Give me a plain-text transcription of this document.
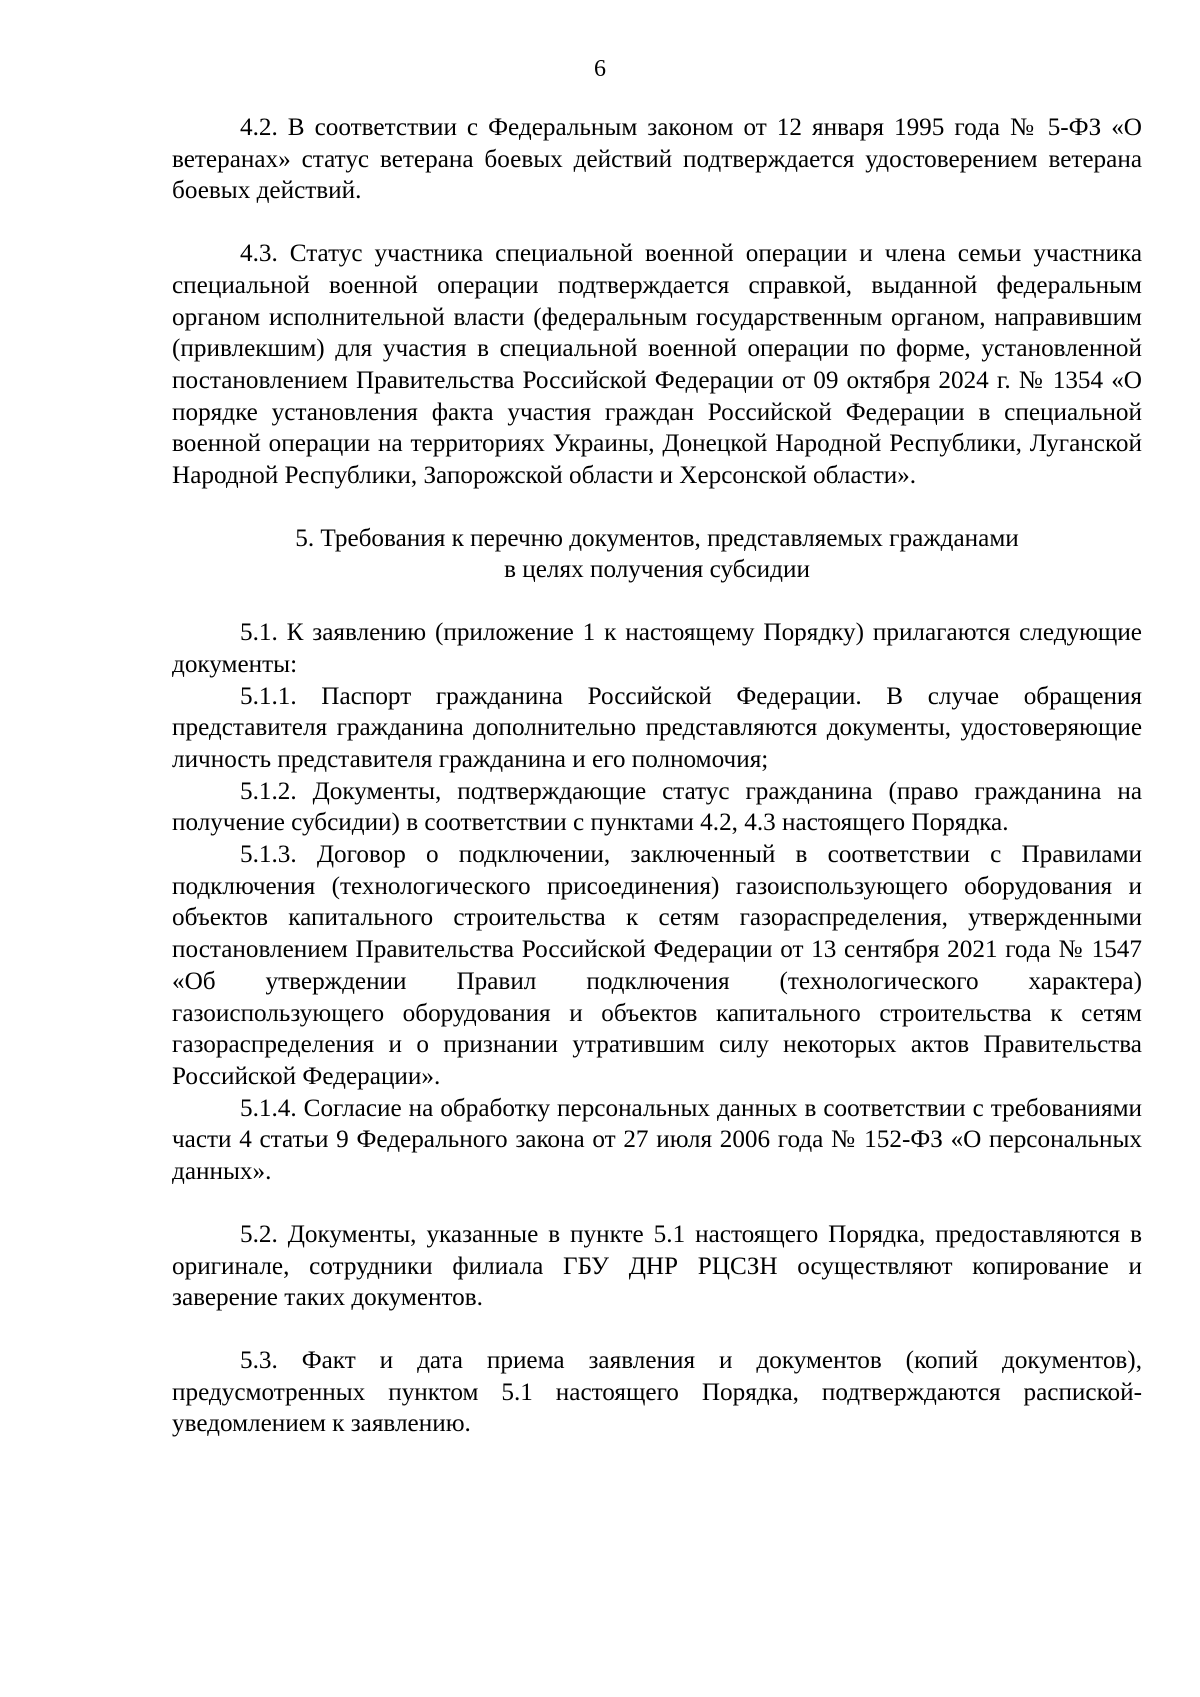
6

4.2. В соответствии с Федеральным законом от 12 января 1995 года № 5-ФЗ «О ветеранах» статус ветерана боевых действий подтверждается удостоверением ветерана боевых действий.

4.3. Статус участника специальной военной операции и члена семьи участника специальной военной операции подтверждается справкой, выданной федеральным органом исполнительной власти (федеральным государственным органом, направившим (привлекшим) для участия в специальной военной операции по форме, установленной постановлением Правительства Российской Федерации от 09 октября 2024 г. № 1354 «О порядке установления факта участия граждан Российской Федерации в специальной военной операции на территориях Украины, Донецкой Народной Республики, Луганской Народной Республики, Запорожской области и Херсонской области».

5. Требования к перечню документов, представляемых гражданами
в целях получения субсидии

5.1. К заявлению (приложение 1 к настоящему Порядку) прилагаются следующие документы:

5.1.1. Паспорт гражданина Российской Федерации. В случае обращения представителя гражданина дополнительно представляются документы, удостоверяющие личность представителя гражданина и его полномочия;

5.1.2. Документы, подтверждающие статус гражданина (право гражданина на получение субсидии) в соответствии с пунктами 4.2, 4.3 настоящего Порядка.

5.1.3. Договор о подключении, заключенный в соответствии с Правилами подключения (технологического присоединения) газоиспользующего оборудования и объектов капитального строительства к сетям газораспределения, утвержденными постановлением Правительства Российской Федерации от 13 сентября 2021 года № 1547 «Об утверждении Правил подключения (технологического характера) газоиспользующего оборудования и объектов капитального строительства к сетям газораспределения и о признании утратившим силу некоторых актов Правительства Российской Федерации».

5.1.4. Согласие на обработку персональных данных в соответствии с требованиями части 4 статьи 9 Федерального закона от 27 июля 2006 года № 152-ФЗ «О персональных данных».

5.2. Документы, указанные в пункте 5.1 настоящего Порядка, предоставляются в оригинале, сотрудники филиала ГБУ ДНР РЦСЗН осуществляют копирование и заверение таких документов.

5.3. Факт и дата приема заявления и документов (копий документов), предусмотренных пунктом 5.1 настоящего Порядка, подтверждаются распиской-уведомлением к заявлению.
